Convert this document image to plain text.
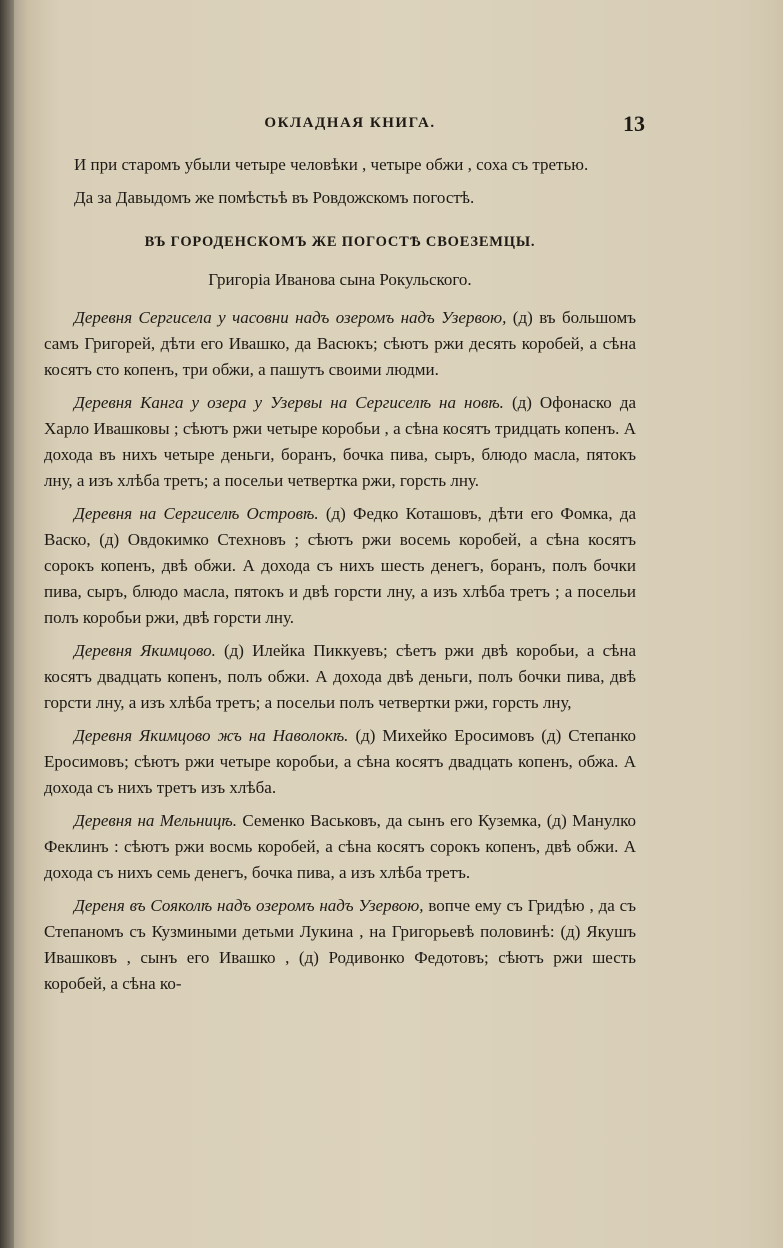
ОКЛАДНАЯ КНИГА.	13

И при старомъ убыли четыре человѣки , четыре обжи , соха съ третью.

Да за Давыдомъ же помѣстьѣ въ Ровдожскомъ погостѣ.

ВЪ ГОРОДЕНСКОМЪ ЖЕ ПОГОСТѢ СВОЕЗЕМЦЫ.

Григоріа Иванова сына Рокульского.

Деревня Сергисела у часовни надъ озеромъ надъ Узервою, (д) въ большомъ самъ Григорей, дѣти его Ивашко, да Васюкъ; сѣютъ ржи десять коробей, а сѣна косятъ сто копенъ, три обжи, а пашутъ своими людми.

Деревня Канга у озера у Узервы на Сергиселѣ на новѣ. (д) Офонаско да Харло Ивашковы ; сѣютъ ржи четыре коробьи , а сѣна косятъ тридцать копенъ. А дохода въ нихъ четыре деньги, боранъ, бочка пива, сыръ, блюдо масла, пятокъ лну, а изъ хлѣба третъ; а посельи четвертка ржи, горсть лну.

Деревня на Сергиселѣ Островѣ. (д) Федко Коташовъ, дѣти его Фомка, да Васко, (д) Овдокимко Стехновъ ; сѣютъ ржи восемь коробей, а сѣна косятъ сорокъ копенъ, двѣ обжи. А дохода съ нихъ шесть денегъ, боранъ, полъ бочки пива, сыръ, блюдо масла, пятокъ и двѣ горсти лну, а изъ хлѣба третъ ; а посельи полъ коробьи ржи, двѣ горсти лну.

Деревня Якимцово. (д) Илейка Пиккуевъ; сѣетъ ржи двѣ коробьи, а сѣна косятъ двадцать копенъ, полъ обжи. А дохода двѣ деньги, полъ бочки пива, двѣ горсти лну, а изъ хлѣба третъ; а посельи полъ четвертки ржи, горсть лну,

Деревня Якимцово жъ на Наволокѣ. (д) Михейко Еросимовъ (д) Степанко Еросимовъ; сѣютъ ржи четыре коробьи, а сѣна косятъ двадцать копенъ, обжа. А дохода съ нихъ третъ изъ хлѣба.

Деревня на Мельницѣ. Семенко Васьковъ, да сынъ его Куземка, (д) Манулко Феклинъ : сѣютъ ржи восмь коробей, а сѣна косятъ сорокъ копенъ, двѣ обжи. А дохода съ нихъ семь денегъ, бочка пива, а изъ хлѣба третъ.

Дереня въ Сояколѣ надъ озеромъ надъ Узервою, вопче ему съ Гридѣю , да съ Степаномъ съ Кузмиными детьми Лукина , на Григорьевѣ половинѣ: (д) Якушъ Ивашковъ , сынъ его Ивашко , (д) Родивонко Федотовъ; сѣютъ ржи шесть коробей, а сѣна ко-
